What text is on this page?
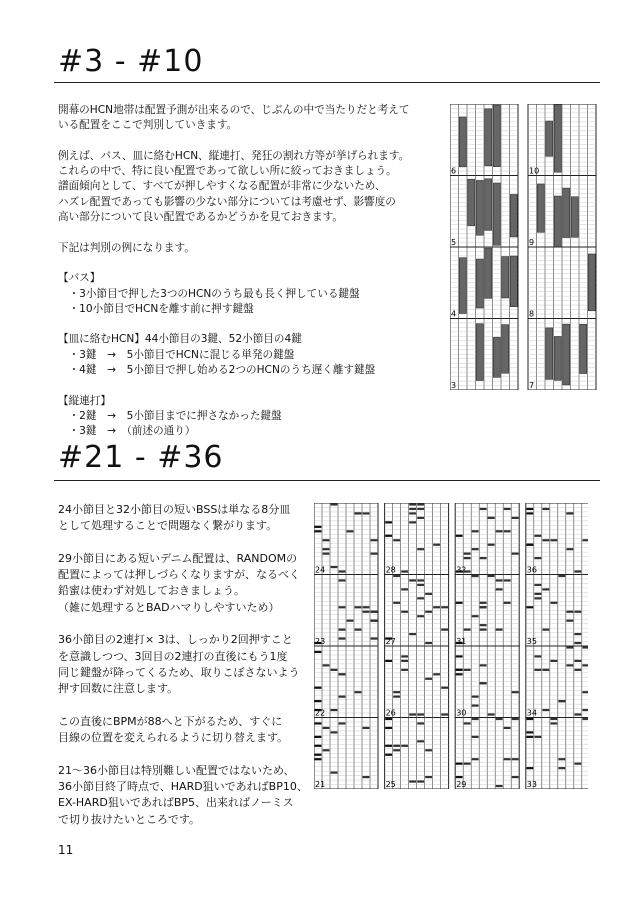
#3 - #10
開幕のHCN地帯は配置予測が出来るので、じぶんの中で当たりだと考えて
いる配置をここで判別していきます。
例えば、バス、皿に絡むHCN、縦連打、発狂の割れ方等が挙げられます。
これらの中で、特に良い配置であって欲しい所に絞っておきましょう。
譜面傾向として、すべてが押しやすくなる配置が非常に少ないため、
ハズレ配置であっても影響の少ない部分については考慮せず、影響度の
高い部分について良い配置であるかどうかを見ておきます。
下記は判別の例になります。
【バス】
　・3小節目で押した3つのHCNのうち最も長く押している鍵盤
　・10小節目でHCNを離す前に押す鍵盤
【皿に絡むHCN】44小節目の3鍵、52小節目の4鍵
　・3鍵　→　5小節目でHCNに混じる単発の鍵盤
　・4鍵　→　5小節目で押し始める2つのHCNのうち遅く離す鍵盤
【縦連打】
　・2鍵　→　5小節目までに押さなかった鍵盤
　・3鍵　→　（前述の通り）
3
4
5
6
7
8
9
10
#21 - #36
24小節目と32小節目の短いBSSは単なる8分皿
として処理することで問題なく繋がります。
29小節目にある短いデニム配置は、RANDOMの
配置によっては押しづらくなりますが、なるべく
鉛蜜は使わず対処しておきましょう。
（雑に処理するとBADハマりしやすいため）
36小節目の2連打× 3は、しっかり2回押すこと
を意識しつつ、3回目の2連打の直後にもう1度
同じ鍵盤が降ってくるため、取りこぼさないよう
押す回数に注意します。
この直後にBPMが88へと下がるため、すぐに
目線の位置を変えられるように切り替えます。
21～36小節目は特別難しい配置ではないため、
36小節目終了時点で、HARD狙いであればBP10、
EX-HARD狙いであればBP5、出来ればノーミス
で切り抜けたいところです。
21
22
23
24
25
26
27
28
29
30
31
32
33
34
35
36
11
